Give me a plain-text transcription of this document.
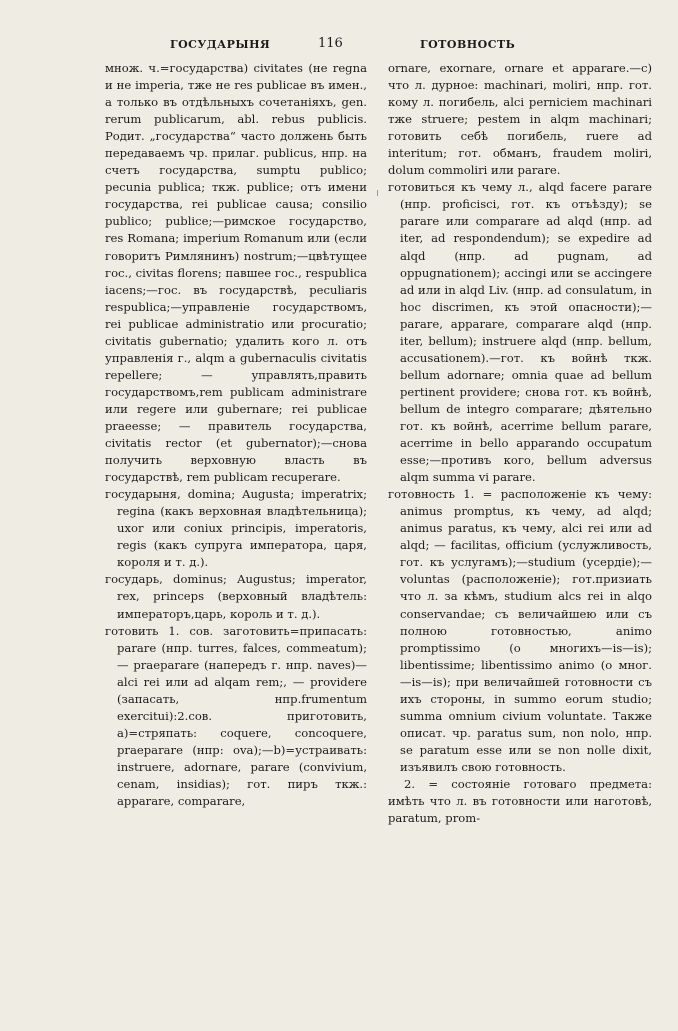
ГОСУДАРЫНЯ	116	ГОТОВНОСТЬ

множ. ч.=государства) civitates (не regna и не imperia, тже не res publicae въ имен., а только въ отдѣльныхъ сочетаніяхъ, gen. rerum publicarum, abl. rebus publicis. Родит. „государства“ часто должень быть передаваемъ чр. прилаг. publicus, нпр. на счетъ государства, sumptu publico; pecunia publica; ткж. publice; отъ имени государства, rei publicae causa; consilio publico; publice;—римское государство, res Romana; imperium Romanum или (если говоритъ Римлянинъ) nostrum;—цвѣтущее гос., civitas florens; павшее гос., respublica iacens;—гос. въ государствѣ, peculiaris respublica;—управленіе государствомъ, rei publicae administratio или procuratio; civitatis gubernatio; удалить кого л. отъ управленія г., alqm a gubernaculis civitatis repellere; — управлять,править государствомъ,rem publicam administrare или regere или gubernare; rei publicae praeesse; — правитель государства, civitatis rector (et gubernator);—снова получить верховную власть въ государствѣ, rem publicam recuperare.

государыня, domina; Augusta; imperatrix; regina (какъ верховная владѣтельница); uxor или coniux principis, imperatoris, regis (какъ супруга императора, царя, короля и т. д.).

государь, dominus; Augustus; imperator, rex, princeps (верховный владѣтель: императоръ,царь, король и т. д.).

готовить 1. сов. заготовить=припасать: parare (нпр. turres, falces, commeatum); — praeparare (напередъ г. нпр. naves)—alci rei или ad alqam rem;, — providere (запасать, нпр.frumentum exercitui):2.сов. приготовить, а)=стряпать: coquere, concoquere, praeparare (нпр: ova);—b)=устраивать: instruere, adornare, parare (convivium, cenam, insidias); гот. пиръ ткж.: apparare, comparare,

ornare, exornare, ornare et apparare.—с) что л. дурное: machinari, moliri, нпр. гот. кому л. погибель, alci perniciem machinari тже struere; pestem in alqm machinari; готовить себѣ погибель, ruere ad interitum; гот. обманъ, fraudem moliri, dolum commoliri или parare.

готовиться къ чему л., alqd facere parare (нпр. proficisci, гот. къ отъѣзду); se parare или comparare ad alqd (нпр. ad iter, ad respondendum); se expedire ad alqd (нпр. ad pugnam, ad oppugnationem); accingi или se accingere ad или in alqd Liv. (нпр. ad consulatum, in hoc discrimen, къ этой опасности);—parare, apparare, comparare alqd (нпр. iter, bellum); instruere alqd (нпр. bellum, accusationem).—гот. къ войнѣ ткж. bellum adornare; omnia quae ad bellum pertinent providere; снова гот. къ войнѣ, bellum de integro comparare; дѣятельно гот. къ войнѣ, acerrime bellum parare, acerrime in bello apparando occupatum esse;—противъ кого, bellum adversus alqm summa vi parare.

готовность 1. = расположеніе къ чему: animus promptus, къ чему, ad alqd; animus paratus, къ чему, alci rei или ad alqd; — facilitas, officium (услужливость, гот. къ услугамъ);—studium (усердіе);—voluntas (расположеніе); гот.призиать что л. за кѣмъ, studium alcs rei in alqo conservandae; съ величайшею или съ полною готовностью, animo promptissimo (о многихъ—is—is); libentissime; libentissimo animo (о мног.—is—is); при величайшей готовности съ ихъ стороны, in summo eorum studio; summa omnium civium voluntate. Также описат. чр. paratus sum, non nolo, нпр. se paratum esse или se non nolle dixit, изъявилъ свою готовность.

2. = состояніе готоваго предмета: имѣть что л. въ готовности или наготовѣ, paratum, prom-
